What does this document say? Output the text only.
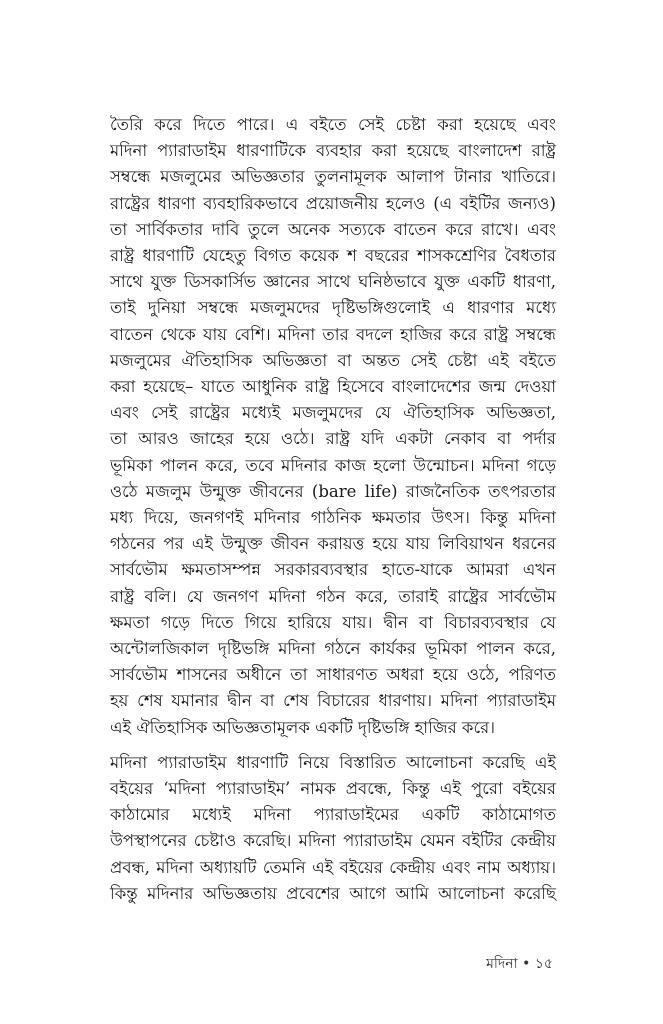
তৈরি করে দিতে পারে। এ বইতে সেই চেষ্টা করা হয়েছে এবং
মদিনা প্যারাডাইম ধারণাটিকে ব্যবহার করা হয়েছে বাংলাদেশ রাষ্ট্র
সম্বন্ধে মজলুমের অভিজ্ঞতার তুলনামূলক আলাপ টানার খাতিরে।
রাষ্ট্রের ধারণা ব্যবহারিকভাবে প্রয়োজনীয় হলেও (এ বইটির জন্যও)
তা সার্বিকতার দাবি তুলে অনেক সত্যকে বাতেন করে রাখে। এবং
রাষ্ট্র ধারণাটি যেহেতু বিগত কয়েক শ বছরের শাসকশ্রেণির বৈধতার
সাথে যুক্ত ডিসকার্সিভ জ্ঞানের সাথে ঘনিষ্ঠভাবে যুক্ত একটি ধারণা,
তাই দুনিয়া সম্বন্ধে মজলুমদের দৃষ্টিভঙ্গিগুলোই এ ধারণার মধ্যে
বাতেন থেকে যায় বেশি। মদিনা তার বদলে হাজির করে রাষ্ট্র সম্বন্ধে
মজলুমের ঐতিহাসিক অভিজ্ঞতা বা অন্তত সেই চেষ্টা এই বইতে
করা হয়েছে– যাতে আধুনিক রাষ্ট্র হিসেবে বাংলাদেশের জন্ম দেওয়া
এবং সেই রাষ্ট্রের মধ্যেই মজলুমদের যে ঐতিহাসিক অভিজ্ঞতা,
তা আরও জাহের হয়ে ওঠে। রাষ্ট্র যদি একটা নেকাব বা পর্দার
ভূমিকা পালন করে, তবে মদিনার কাজ হলো উন্মোচন। মদিনা গড়ে
ওঠে মজলুম উন্মুক্ত জীবনের (bare life) রাজনৈতিক তৎপরতার
মধ্য দিয়ে, জনগণই মদিনার গাঠনিক ক্ষমতার উৎস। কিন্তু মদিনা
গঠনের পর এই উন্মুক্ত জীবন করায়ত্ত হয়ে যায় লিবিয়াথন ধরনের
সার্বভৌম ক্ষমতাসম্পন্ন সরকারব্যবস্থার হাতে-যাকে আমরা এখন
রাষ্ট্র বলি। যে জনগণ মদিনা গঠন করে, তারাই রাষ্ট্রের সার্বভৌম
ক্ষমতা গড়ে দিতে গিয়ে হারিয়ে যায়। দ্বীন বা বিচারব্যবস্থার যে
অন্টোলজিকাল দৃষ্টিভঙ্গি মদিনা গঠনে কার্যকর ভূমিকা পালন করে,
সার্বভৌম শাসনের অধীনে তা সাধারণত অধরা হয়ে ওঠে, পরিণত
হয় শেষ যমানার দ্বীন বা শেষ বিচারের ধারণায়। মদিনা প্যারাডাইম
এই ঐতিহাসিক অভিজ্ঞতামূলক একটি দৃষ্টিভঙ্গি হাজির করে।
মদিনা প্যারাডাইম ধারণাটি নিয়ে বিস্তারিত আলোচনা করেছি এই
বইয়ের ‘মদিনা প্যারাডাইম’ নামক প্রবন্ধে, কিন্তু এই পুরো বইয়ের
কাঠামোর মধ্যেই মদিনা প্যারাডাইমের একটি কাঠামোগত
উপস্থাপনের চেষ্টাও করেছি। মদিনা প্যারাডাইম যেমন বইটির কেন্দ্রীয়
প্রবন্ধ, মদিনা অধ্যায়টি তেমনি এই বইয়ের কেন্দ্রীয় এবং নাম অধ্যায়।
কিন্তু মদিনার অভিজ্ঞতায় প্রবেশের আগে আমি আলোচনা করেছি
মদিনা • ১৫
